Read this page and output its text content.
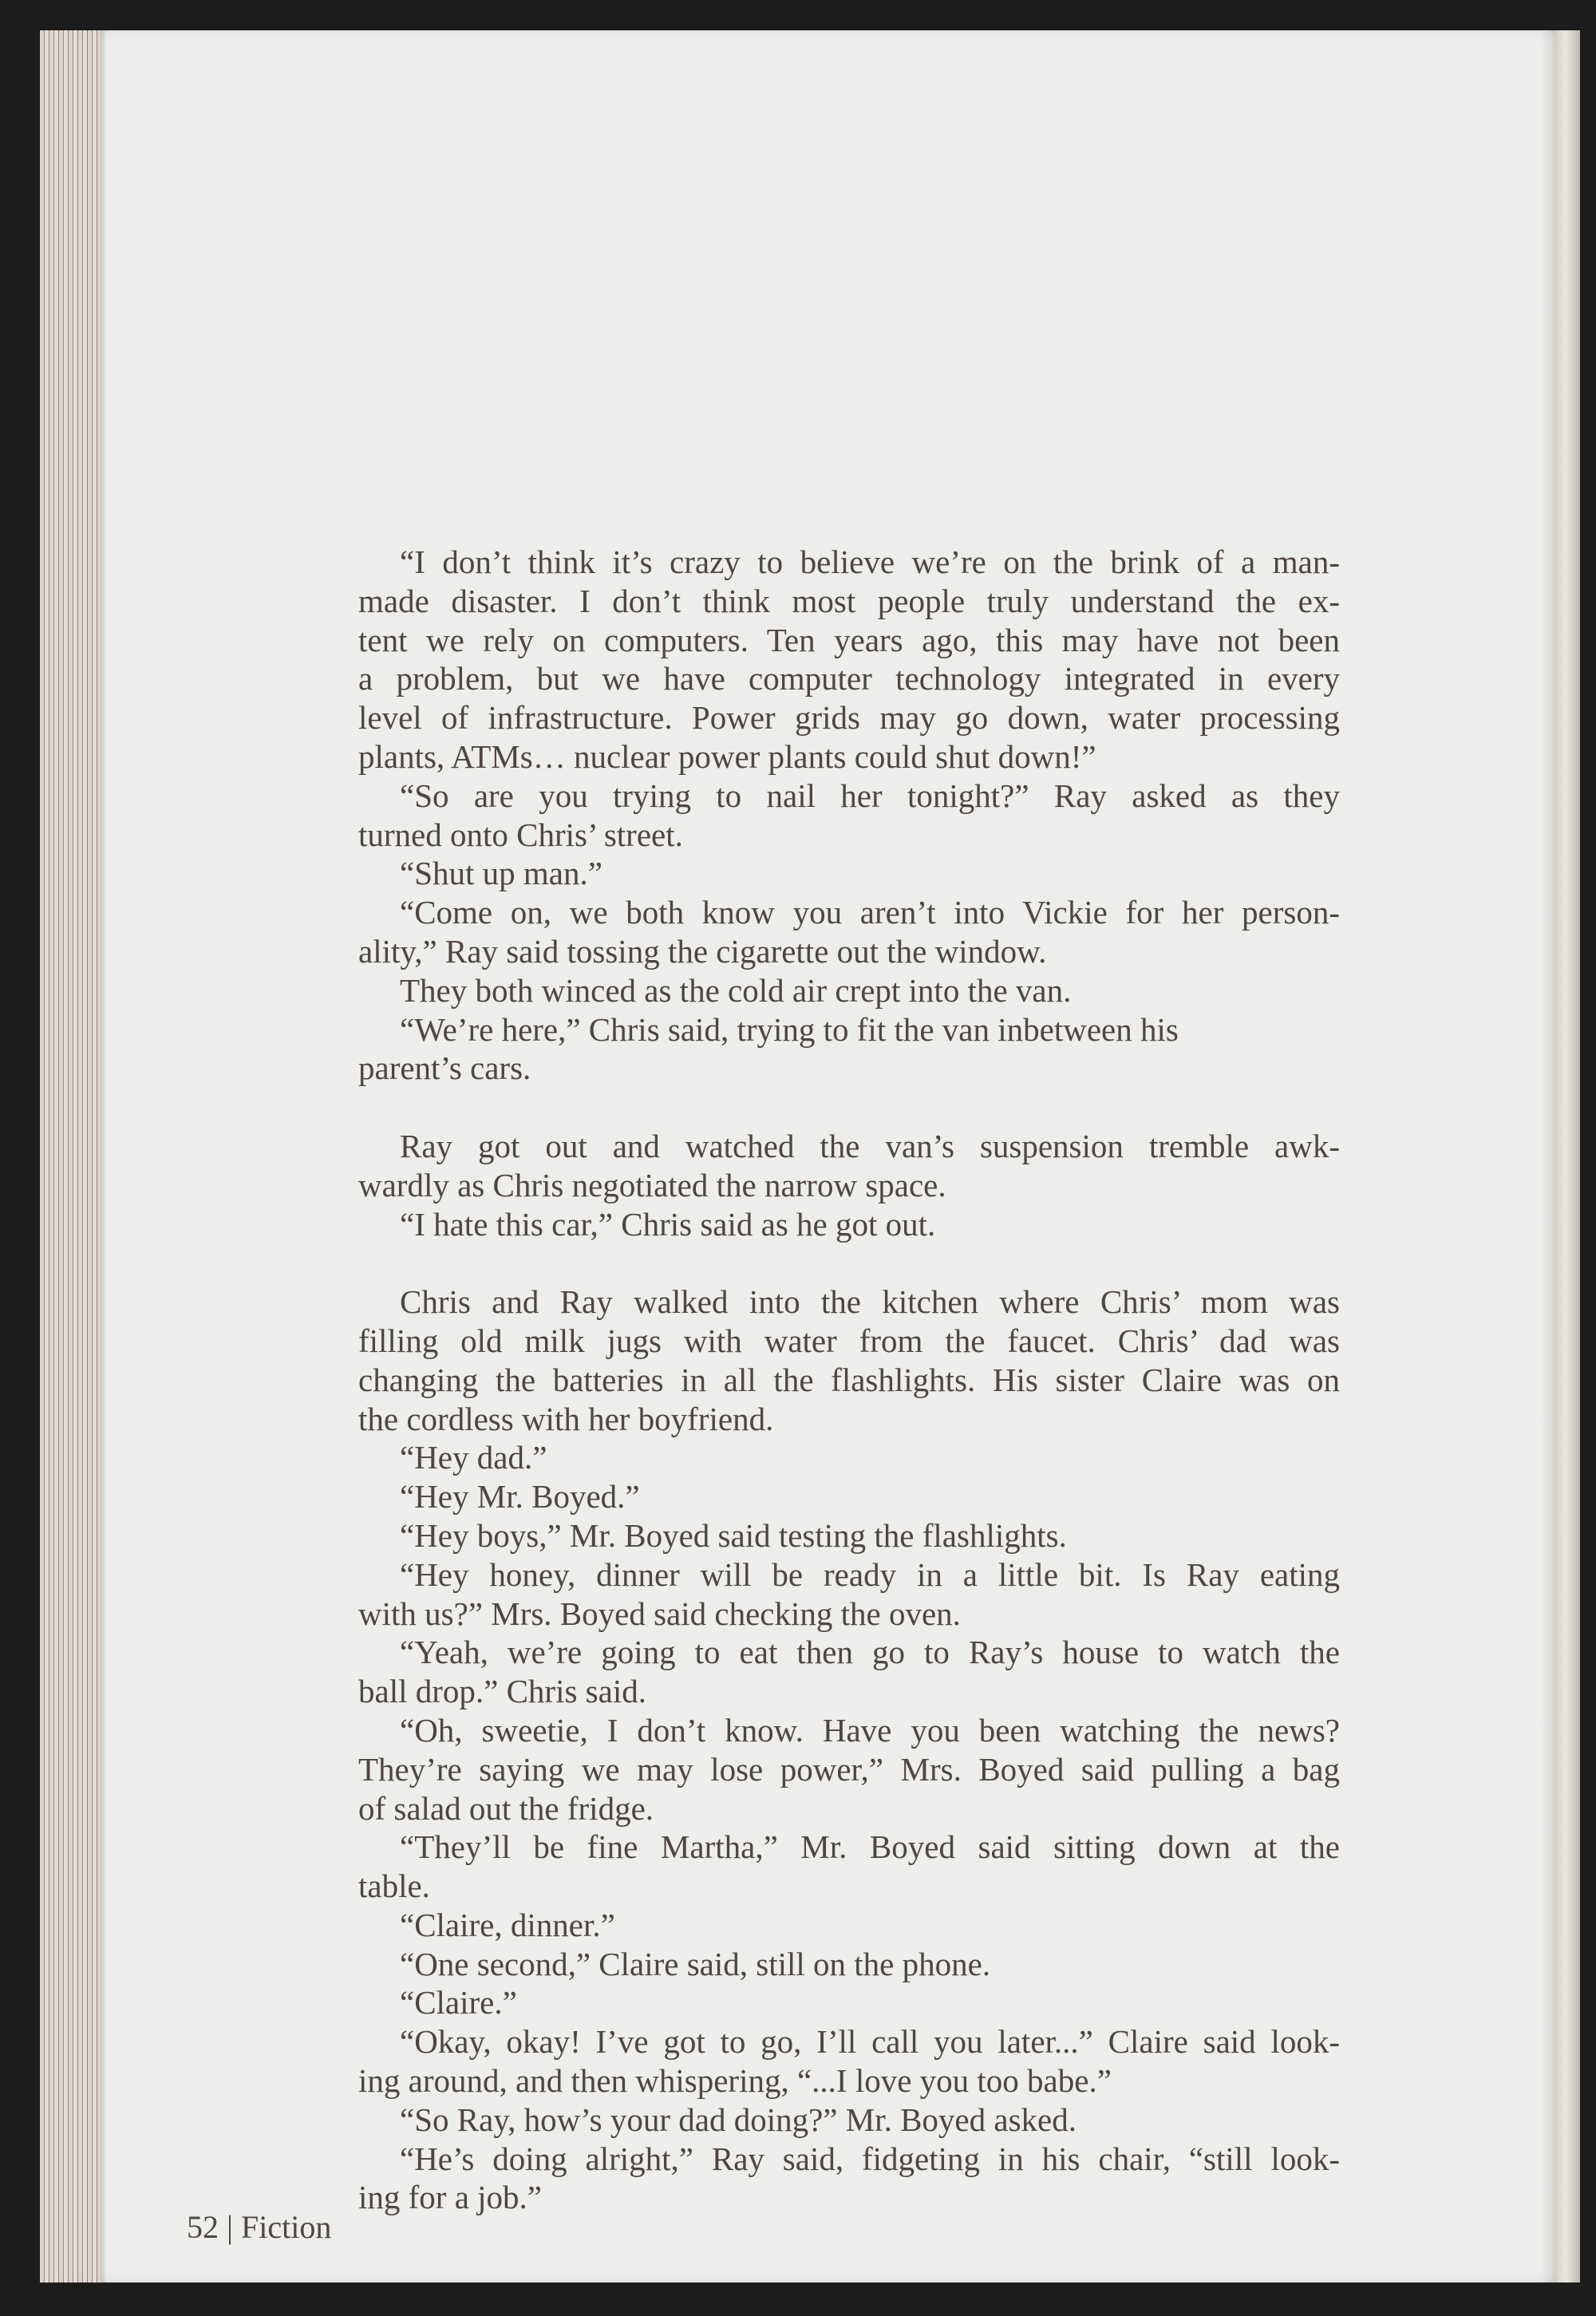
“I don’t think it’s crazy to believe we’re on the brink of a man-
made disaster. I don’t think most people truly understand the ex-
tent we rely on computers. Ten years ago, this may have not been
a problem, but we have computer technology integrated in every
level of infrastructure. Power grids may go down, water processing
plants, ATMs… nuclear power plants could shut down!”
“So are you trying to nail her tonight?” Ray asked as they
turned onto Chris’ street.
“Shut up man.”
“Come on, we both know you aren’t into Vickie for her person-
ality,” Ray said tossing the cigarette out the window.
They both winced as the cold air crept into the van.
“We’re here,” Chris said, trying to fit the van inbetween his
parent’s cars.
Ray got out and watched the van’s suspension tremble awk-
wardly as Chris negotiated the narrow space.
“I hate this car,” Chris said as he got out.
Chris and Ray walked into the kitchen where Chris’ mom was
filling old milk jugs with water from the faucet. Chris’ dad was
changing the batteries in all the flashlights. His sister Claire was on
the cordless with her boyfriend.
“Hey dad.”
“Hey Mr. Boyed.”
“Hey boys,” Mr. Boyed said testing the flashlights.
“Hey honey, dinner will be ready in a little bit. Is Ray eating
with us?” Mrs. Boyed said checking the oven.
“Yeah, we’re going to eat then go to Ray’s house to watch the
ball drop.” Chris said.
“Oh, sweetie, I don’t know. Have you been watching the news?
They’re saying we may lose power,” Mrs. Boyed said pulling a bag
of salad out the fridge.
“They’ll be fine Martha,” Mr. Boyed said sitting down at the
table.
“Claire, dinner.”
“One second,” Claire said, still on the phone.
“Claire.”
“Okay, okay! I’ve got to go, I’ll call you later...” Claire said look-
ing around, and then whispering, “...I love you too babe.”
“So Ray, how’s your dad doing?” Mr. Boyed asked.
“He’s doing alright,” Ray said, fidgeting in his chair, “still look-
ing for a job.”
52 | Fiction
